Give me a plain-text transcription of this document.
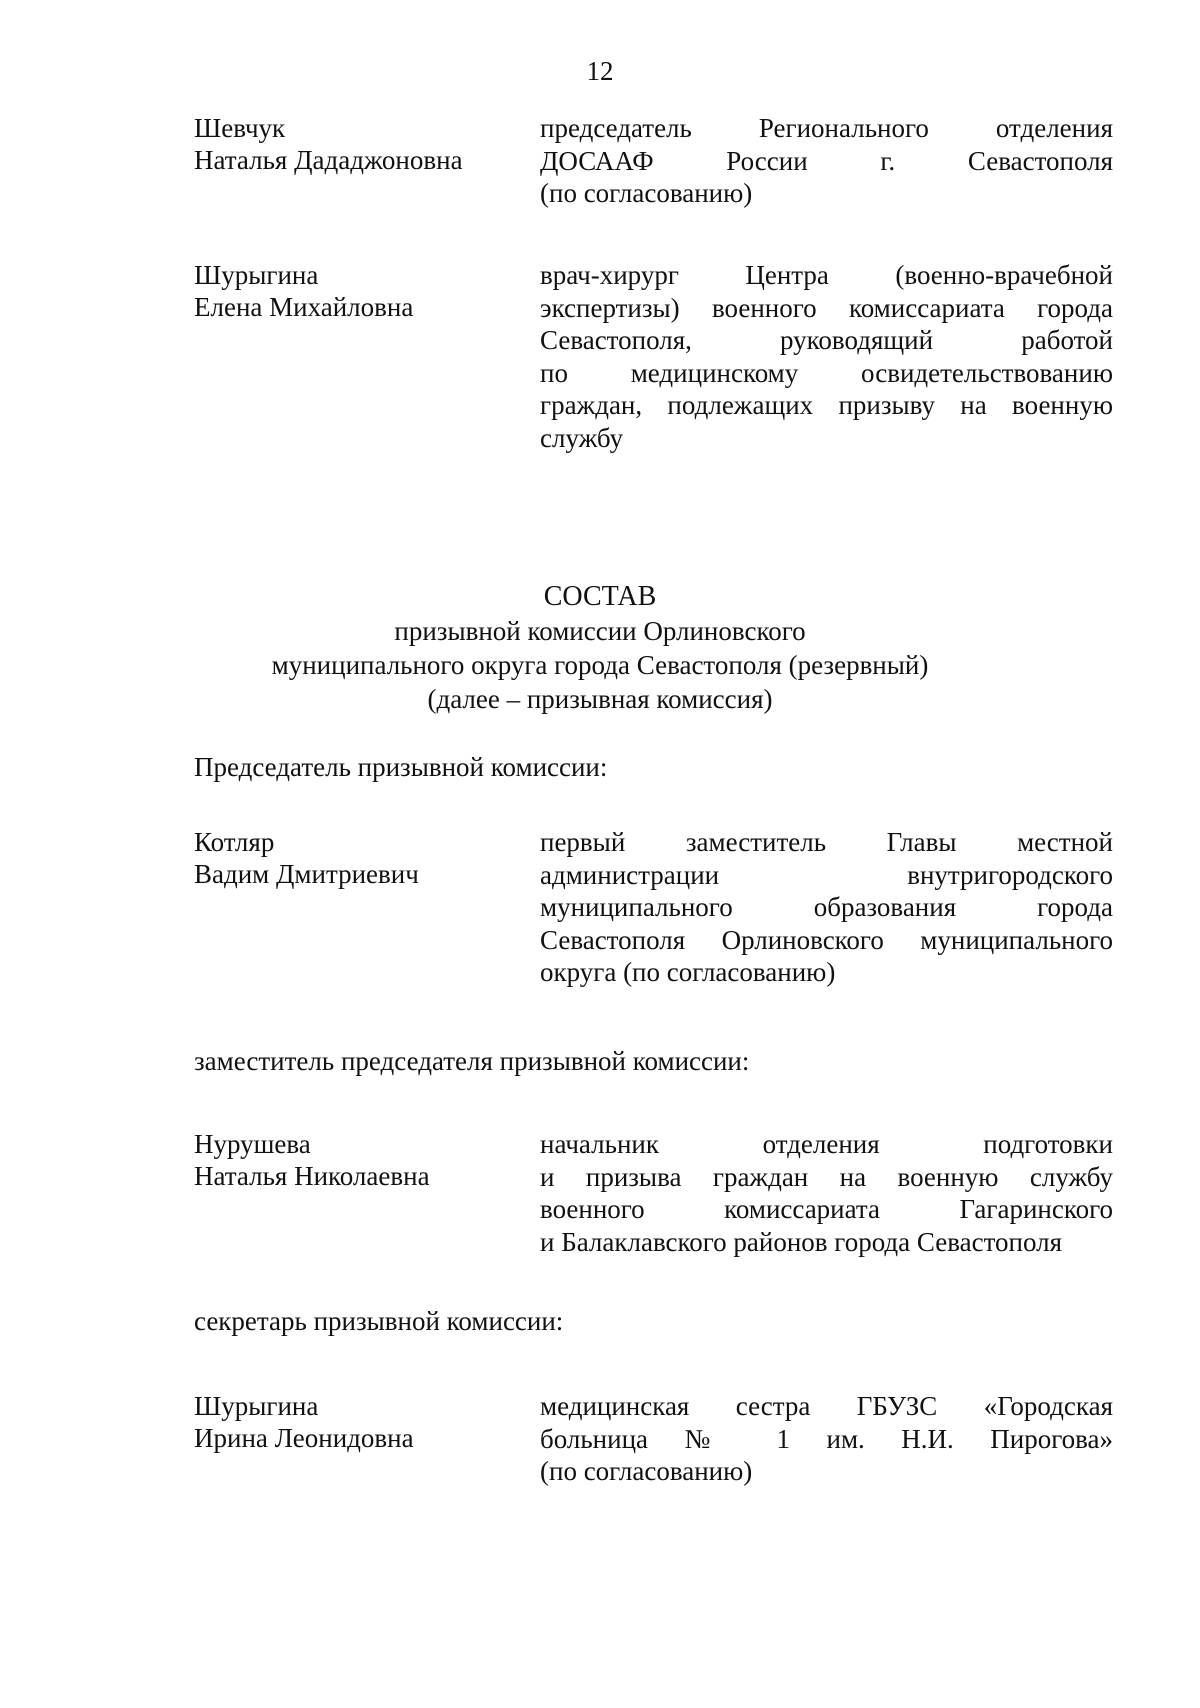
12
Шевчук
Наталья Дададжоновна
председатель Регионального отделения
ДОСААФ России г. Севастополя
(по согласованию)
Шурыгина
Елена Михайловна
врач-хирург Центра (военно-врачебной
экспертизы) военного комиссариата города
Севастополя, руководящий работой
по медицинскому освидетельствованию
граждан, подлежащих призыву на военную
службу
СОСТАВ
призывной комиссии Орлиновского
муниципального округа города Севастополя (резервный)
(далее – призывная комиссия)
Председатель призывной комиссии:
Котляр
Вадим Дмитриевич
первый заместитель Главы местной
администрации внутригородского
муниципального образования города
Севастополя Орлиновского муниципального
округа (по согласованию)
заместитель председателя призывной комиссии:
Нурушева
Наталья Николаевна
начальник отделения подготовки
и призыва граждан на военную службу
военного комиссариата Гагаринского
и Балаклавского районов города Севастополя
секретарь призывной комиссии:
Шурыгина
Ирина Леонидовна
медицинская сестра ГБУЗС «Городская
больница № 1 им. Н.И. Пирогова»
(по согласованию)
